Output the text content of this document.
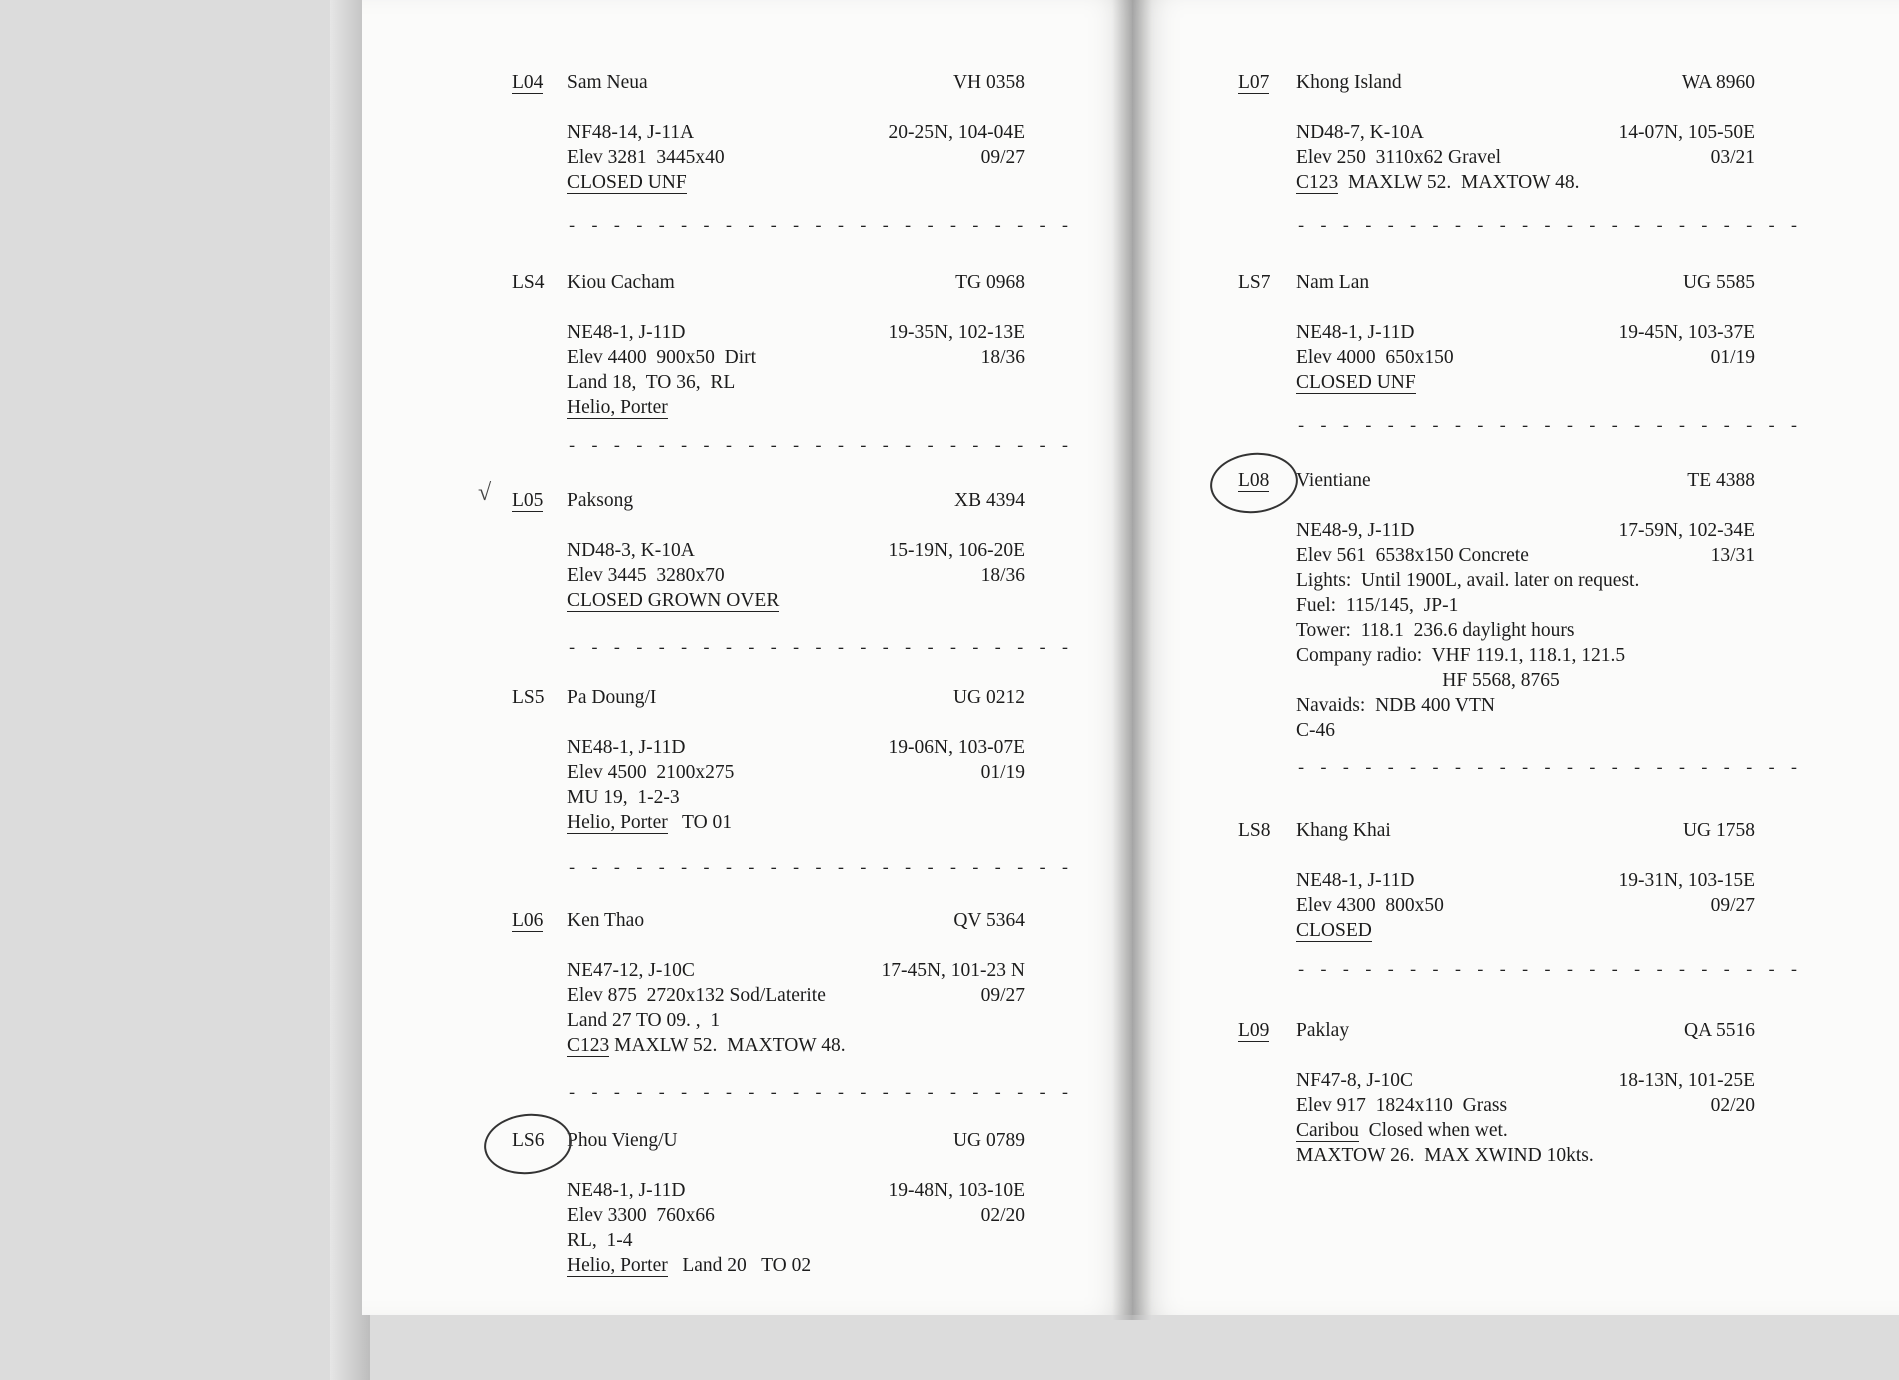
L04 Sam Neua	VH 0358
NF48-14, J-11A	20-25N, 104-04E
Elev 3281  3445x40	09/27
CLOSED UNF
LS4 Kiou Cacham	TG 0968
NE48-1, J-11D	19-35N, 102-13E
Elev 4400  900x50  Dirt	18/36
Land 18,  TO 36,  RL
Helio, Porter
L05 Paksong	XB 4394
ND48-3, K-10A	15-19N, 106-20E
Elev 3445  3280x70	18/36
CLOSED GROWN OVER
LS5 Pa Doung/I	UG 0212
NE48-1, J-11D	19-06N, 103-07E
Elev 4500  2100x275	01/19
MU 19,  1-2-3
Helio, Porter   TO 01
L06 Ken Thao	QV 5364
NE47-12, J-10C	17-45N, 101-23 N
Elev 875  2720x132 Sod/Laterite	09/27
Land 27 TO 09. ,  1
C123 MAXLW 52.  MAXTOW 48.
LS6 Phou Vieng/U	UG 0789
NE48-1, J-11D	19-48N, 103-10E
Elev 3300  760x66	02/20
RL,  1-4
Helio, Porter   Land 20   TO 02
- - - - - - - - - - - - - - - - - - - - - - -
- - - - - - - - - - - - - - - - - - - - - - -
- - - - - - - - - - - - - - - - - - - - - - -
- - - - - - - - - - - - - - - - - - - - - - -
- - - - - - - - - - - - - - - - - - - - - - -
√
L07 Khong Island	WA 8960
ND48-7, K-10A	14-07N, 105-50E
Elev 250  3110x62 Gravel	03/21
C123  MAXLW 52.  MAXTOW 48.
LS7 Nam Lan	UG 5585
NE48-1, J-11D	19-45N, 103-37E
Elev 4000  650x150	01/19
CLOSED UNF
L08 Vientiane	TE 4388
NE48-9, J-11D	17-59N, 102-34E
Elev 561  6538x150 Concrete	13/31
Lights:  Until 1900L, avail. later on request.
Fuel:  115/145,  JP-1
Tower:  118.1  236.6 daylight hours
Company radio:  VHF 119.1, 118.1, 121.5
HF 5568, 8765
Navaids:  NDB 400 VTN
C-46
LS8 Khang Khai	UG 1758
NE48-1, J-11D	19-31N, 103-15E
Elev 4300  800x50	09/27
CLOSED
L09 Paklay	QA 5516
NF47-8, J-10C	18-13N, 101-25E
Elev 917  1824x110  Grass	02/20
Caribou  Closed when wet.
MAXTOW 26.  MAX XWIND 10kts.
- - - - - - - - - - - - - - - - - - - - - - -
- - - - - - - - - - - - - - - - - - - - - - -
- - - - - - - - - - - - - - - - - - - - - - -
- - - - - - - - - - - - - - - - - - - - - - -
